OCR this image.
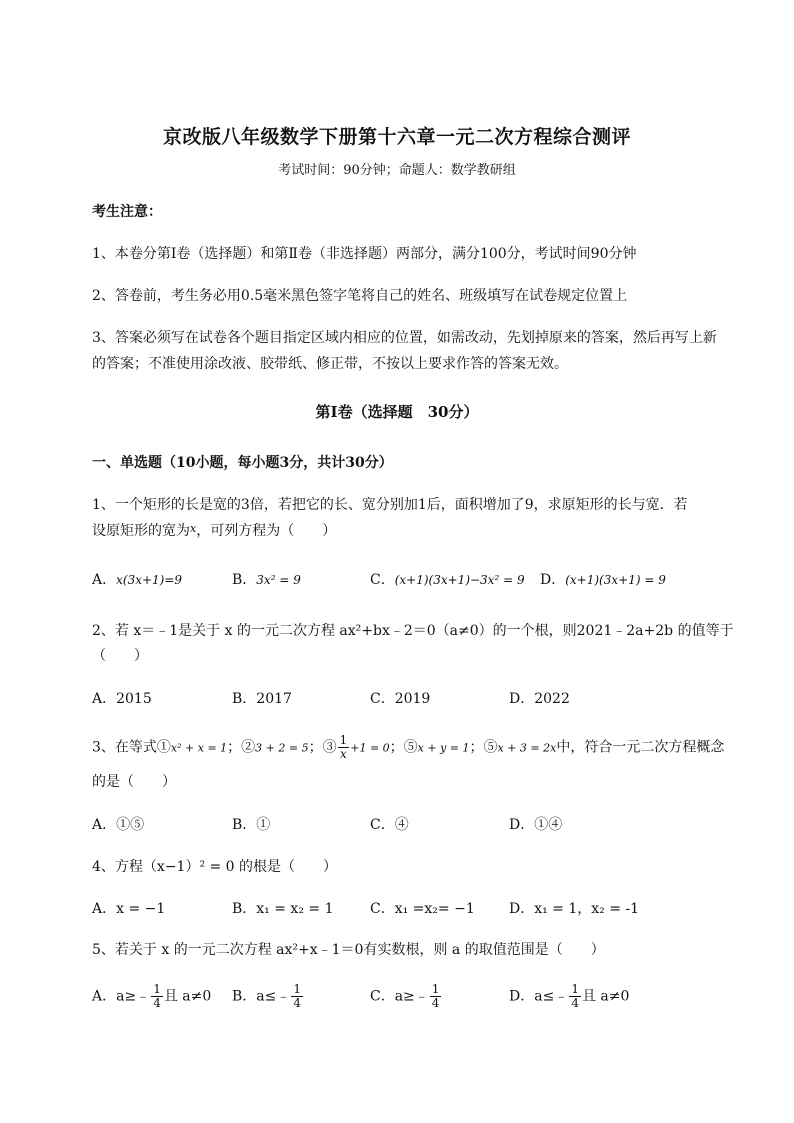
京改版八年级数学下册第十六章一元二次方程综合测评
考试时间：90分钟；命题人：数学教研组
考生注意：
1、本卷分第I卷（选择题）和第Ⅱ卷（非选择题）两部分，满分100分，考试时间90分钟
2、答卷前，考生务必用0.5毫米黑色签字笔将自己的姓名、班级填写在试卷规定位置上
3、答案必须写在试卷各个题目指定区域内相应的位置，如需改动，先划掉原来的答案，然后再写上新
的答案；不准使用涂改液、胶带纸、修正带，不按以上要求作答的答案无效。
第I卷（选择题　30分）
一、单选题（10小题，每小题3分，共计30分）
1、一个矩形的长是宽的3倍，若把它的长、宽分别加1后，面积增加了9，求原矩形的长与宽．若
设原矩形的宽为$^x$，可列方程为（　　）
A．x(3x+1)=9	B．3x² = 9	C．(x+1)(3x+1)−3x² = 9 D．(x+1)(3x+1) = 9
2、若 x＝﹣1是关于 x 的一元二次方程 ax²+bx﹣2＝0（a≠0）的一个根，则2021﹣2a+2b 的值等于
（　　）
A．2015	B．2017	C．2019	D．2022
3、在等式①x² + x = 1；②3 + 2 = 5；③ $\frac{1}{x} +1 = 0$；⑤x + y = 1；⑤x + 3 = 2x中，符合一元二次方程概念
的是（　　）
A．①⑤	B．①	C．④	D．①④
4、方程（x−1）² = 0 的根是（　　）
A．x = −1	B．x₁ = x₂ = 1	C．x₁ =x₂= −1 D．x₁ = 1，x₂ = -1
5、若关于 x 的一元二次方程 ax²+x﹣1＝0有实数根，则 a 的取值范围是（　　）
A．a≥﹣ $\frac{1}{4}$ 且 a≠0 B．a≤﹣ $\frac{1}{4}$	C．a≥﹣ $\frac{1}{4}$	D．a≤﹣ $\frac{1}{4}$ 且 a≠0
